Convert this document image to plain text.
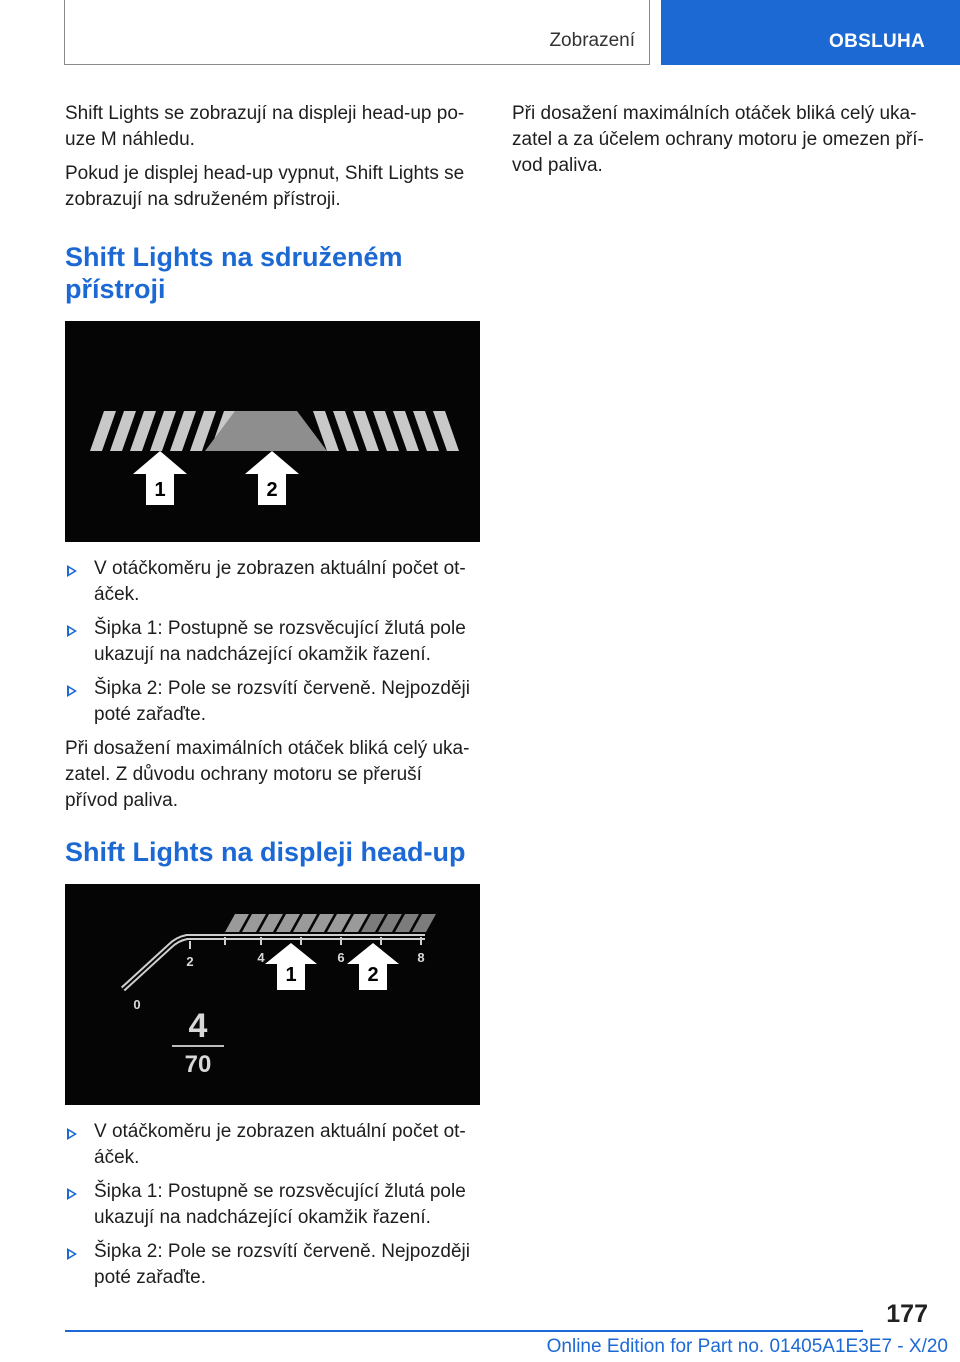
Zobrazení	OBSLUHA

Shift Lights se zobrazují na displeji head-up po-uze M náhledu.

Pokud je displej head-up vypnut, Shift Lights se zobrazují na sdruženém přístroji.

Shift Lights na sdruženém přístroji
1	2
V otáčkoměru je zobrazen aktuální počet ot-áček.
Šipka 1: Postupně se rozsvěcující žlutá pole ukazují na nadcházející okamžik řazení.
Šipka 2: Pole se rozsvítí červeně. Nejpozději poté zařaďte.

Při dosažení maximálních otáček bliká celý uka-zatel. Z důvodu ochrany motoru se přeruší přívod paliva.

Shift Lights na displeji head-up
0
2	4	6	8
1	2
4
70
V otáčkoměru je zobrazen aktuální počet ot-áček.
Šipka 1: Postupně se rozsvěcující žlutá pole ukazují na nadcházející okamžik řazení.
Šipka 2: Pole se rozsvítí červeně. Nejpozději poté zařaďte.

Při dosažení maximálních otáček bliká celý uka-zatel a za účelem ochrany motoru je omezen pří-vod paliva.

177
Online Edition for Part no. 01405A1E3E7 - X/20
